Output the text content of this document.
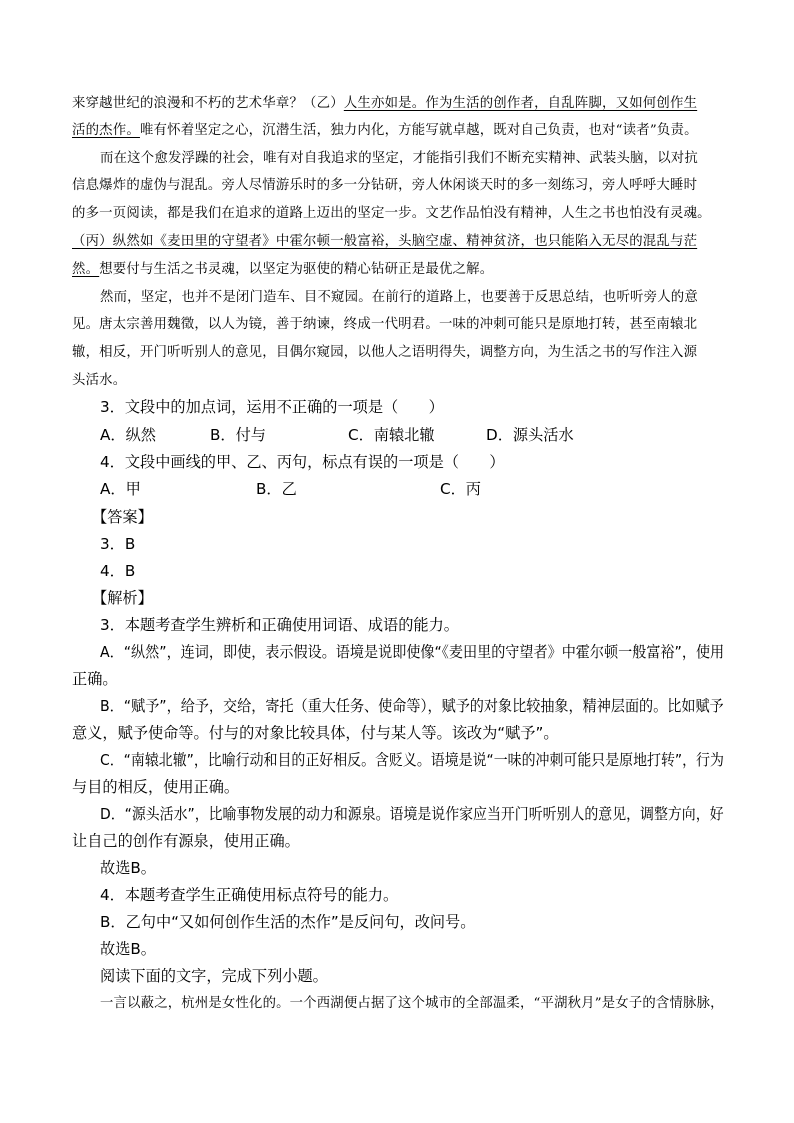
来穿越世纪的浪漫和不朽的艺术华章？（乙）人生亦如是。作为生活的创作者，自乱阵脚，又如何创作生
活的杰作。唯有怀着坚定之心，沉潜生活，独力内化，方能写就卓越，既对自己负责，也对“读者”负责。
而在这个愈发浮躁的社会，唯有对自我追求的坚定，才能指引我们不断充实精神、武装头脑，以对抗
信息爆炸的虚伪与混乱。旁人尽情游乐时的多一分钻研，旁人休闲谈天时的多一刻练习，旁人呼呼大睡时
的多一页阅读，都是我们在追求的道路上迈出的坚定一步。文艺作品怕没有精神，人生之书也怕没有灵魂。
（丙）纵然如《麦田里的守望者》中霍尔顿一般富裕，头脑空虚、精神贫济，也只能陷入无尽的混乱与茫
然。想要付与生活之书灵魂，以坚定为驱使的精心钻研正是最优之解。
然而，坚定，也并不是闭门造车、目不窥园。在前行的道路上，也要善于反思总结，也听听旁人的意
见。唐太宗善用魏徵，以人为镜，善于纳谏，终成一代明君。一味的冲刺可能只是原地打转，甚至南辕北
辙，相反，开门听听别人的意见，目偶尔窥园，以他人之语明得失，调整方向，为生活之书的写作注入源
头活水。
3．文段中的加点词，运用不正确的一项是（　　）
A．纵然	B．付与	C．南辕北辙	D．源头活水
4．文段中画线的甲、乙、丙句，标点有误的一项是（　　）
A．甲	B．乙	C．丙
【答案】
3．B
4．B
【解析】
3．本题考查学生辨析和正确使用词语、成语的能力。
A．“纵然”，连词，即使，表示假设。语境是说即使像“《麦田里的守望者》中霍尔顿一般富裕”，使用
正确。
B．“赋予”，给予，交给，寄托（重大任务、使命等），赋予的对象比较抽象，精神层面的。比如赋予
意义，赋予使命等。付与的对象比较具体，付与某人等。该改为“赋予”。
C．“南辕北辙”，比喻行动和目的正好相反。含贬义。语境是说“一味的冲刺可能只是原地打转”，行为
与目的相反，使用正确。
D．“源头活水”，比喻事物发展的动力和源泉。语境是说作家应当开门听听别人的意见，调整方向，好
让自己的创作有源泉，使用正确。
故选B。
4．本题考查学生正确使用标点符号的能力。
B．乙句中“又如何创作生活的杰作”是反问句，改问号。
故选B。
阅读下面的文字，完成下列小题。
一言以蔽之，杭州是女性化的。一个西湖便占据了这个城市的全部温柔，“平湖秋月”是女子的含情脉脉，
